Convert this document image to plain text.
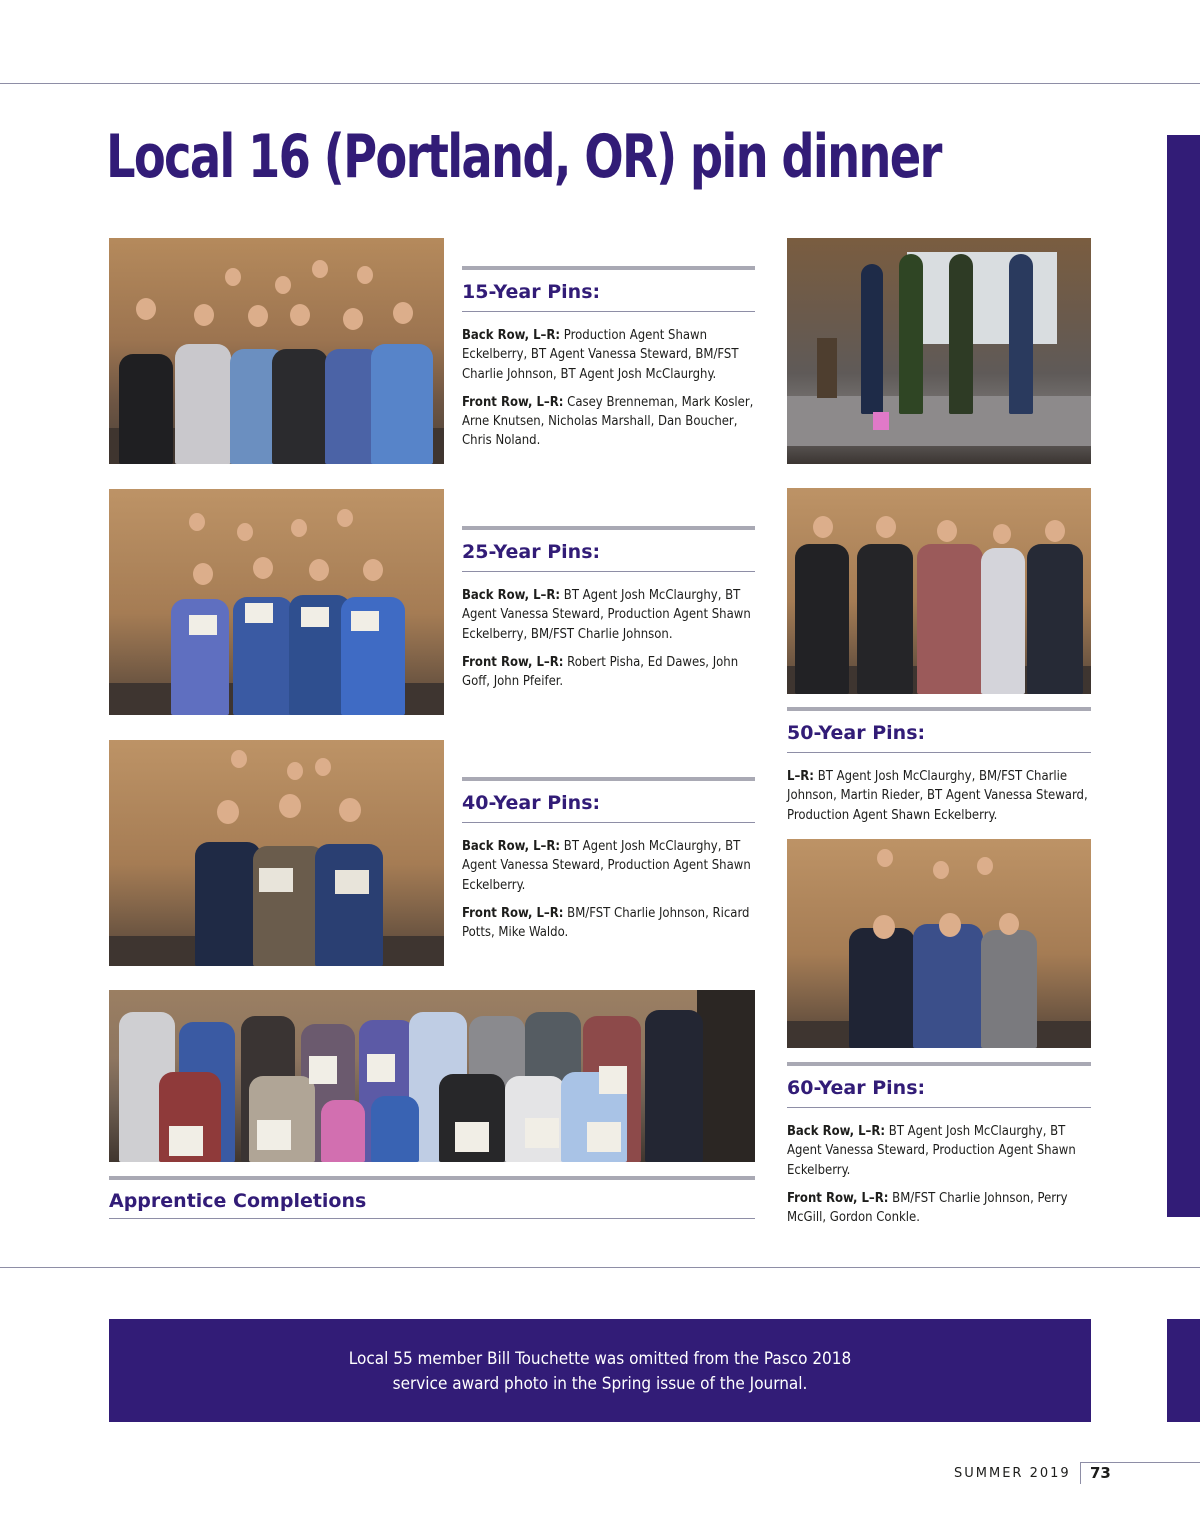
Local 16 (Portland, OR) pin dinner
15-Year Pins:

Back Row, L–R: Production Agent Shawn Eckelberry, BT Agent Vanessa Steward, BM/FST Charlie Johnson, BT Agent Josh McClaurghy.

Front Row, L–R: Casey Brenneman, Mark Kosler, Arne Knutsen, Nicholas Marshall, Dan Boucher, Chris Noland.

25-Year Pins:

Back Row, L–R: BT Agent Josh McClaurghy, BT Agent Vanessa Steward, Production Agent Shawn Eckelberry, BM/FST Charlie Johnson.

Front Row, L–R: Robert Pisha, Ed Dawes, John Goff, John Pfeifer.

40-Year Pins:

Back Row, L–R: BT Agent Josh McClaurghy, BT Agent Vanessa Steward, Production Agent Shawn Eckelberry.

Front Row, L–R: BM/FST Charlie Johnson, Ricard Potts, Mike Waldo.

50-Year Pins:

L–R: BT Agent Josh McClaurghy, BM/FST Charlie Johnson, Martin Rieder, BT Agent Vanessa Steward, Production Agent Shawn Eckelberry.

60-Year Pins:

Back Row, L–R: BT Agent Josh McClaurghy, BT Agent Vanessa Steward, Production Agent Shawn Eckelberry.

Front Row, L–R: BM/FST Charlie Johnson, Perry McGill, Gordon Conkle.

Apprentice Completions

Local 55 member Bill Touchette was omitted from the Pasco 2018
service award photo in the Spring issue of the Journal.

SUMMER 2019 73
